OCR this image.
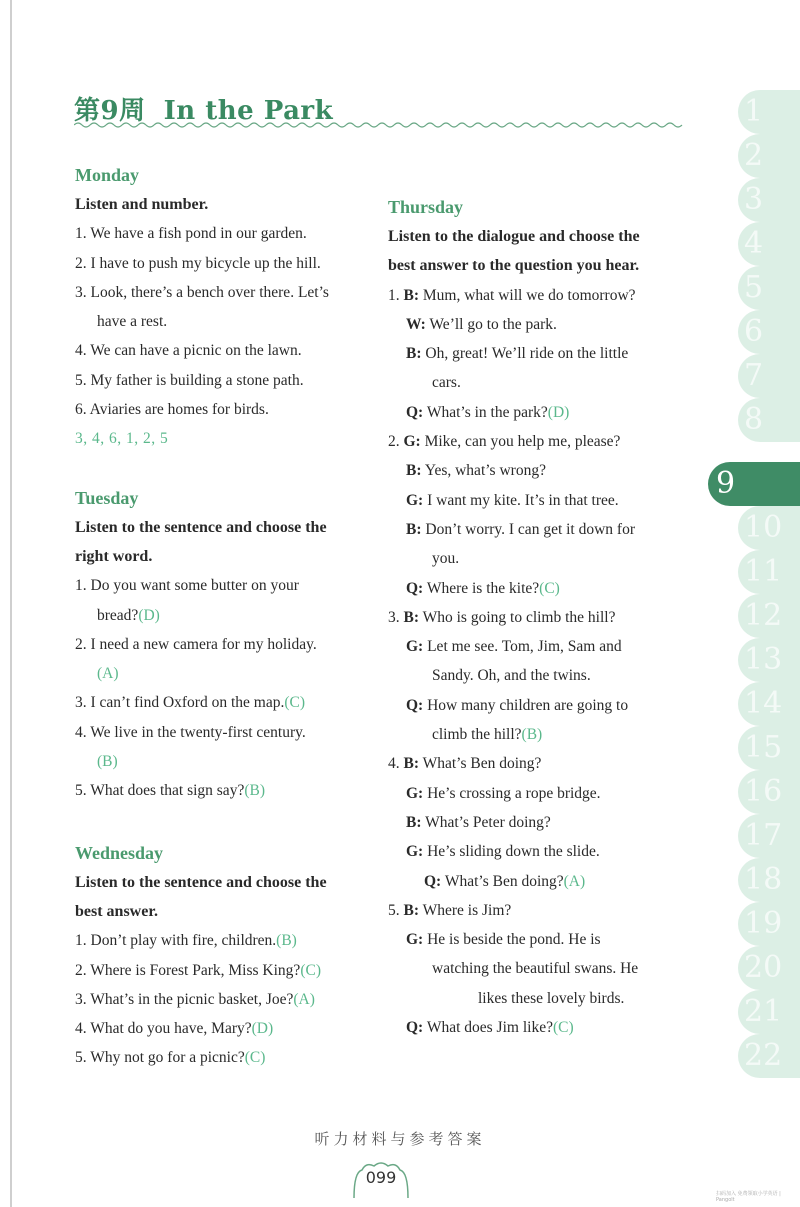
第9周 In the Park
Monday
Listen and number.
1. We have a fish pond in our garden.
2. I have to push my bicycle up the hill.
3. Look, there’s a bench over there. Let’s
have a rest.
4. We can have a picnic on the lawn.
5. My father is building a stone path.
6. Aviaries are homes for birds.
3, 4, 6, 1, 2, 5
Tuesday
Listen to the sentence and choose the
right word.
1. Do you want some butter on your
bread?(D)
2. I need a new camera for my holiday.
(A)
3. I can’t find Oxford on the map.(C)
4. We live in the twenty-first century.
(B)
5. What does that sign say?(B)
Wednesday
Listen to the sentence and choose the
best answer.
1. Don’t play with fire, children.(B)
2. Where is Forest Park, Miss King?(C)
3. What’s in the picnic basket, Joe?(A)
4. What do you have, Mary?(D)
5. Why not go for a picnic?(C)
Thursday
Listen to the dialogue and choose the
best answer to the question you hear.
1. B: Mum, what will we do tomorrow?
W: We’ll go to the park.
B: Oh, great! We’ll ride on the little
cars.
Q: What’s in the park?(D)
2. G: Mike, can you help me, please?
B: Yes, what’s wrong?
G: I want my kite. It’s in that tree.
B: Don’t worry. I can get it down for
you.
Q: Where is the kite?(C)
3. B: Who is going to climb the hill?
G: Let me see. Tom, Jim, Sam and
Sandy. Oh, and the twins.
Q: How many children are going to
climb the hill?(B)
4. B: What’s Ben doing?
G: He’s crossing a rope bridge.
B: What’s Peter doing?
G: He’s sliding down the slide.
Q: What’s Ben doing?(A)
5. B: Where is Jim?
G: He is beside the pond. He is
watching the beautiful swans. He
likes these lovely birds.
Q: What does Jim like?(C)
1
2
3
4
5
6
7
8
9
10
11
12
13
14
15
16
17
18
19
20
21
22
听力材料与参考答案
099
扫码加入 免费领取小学英语 | Pangolt
